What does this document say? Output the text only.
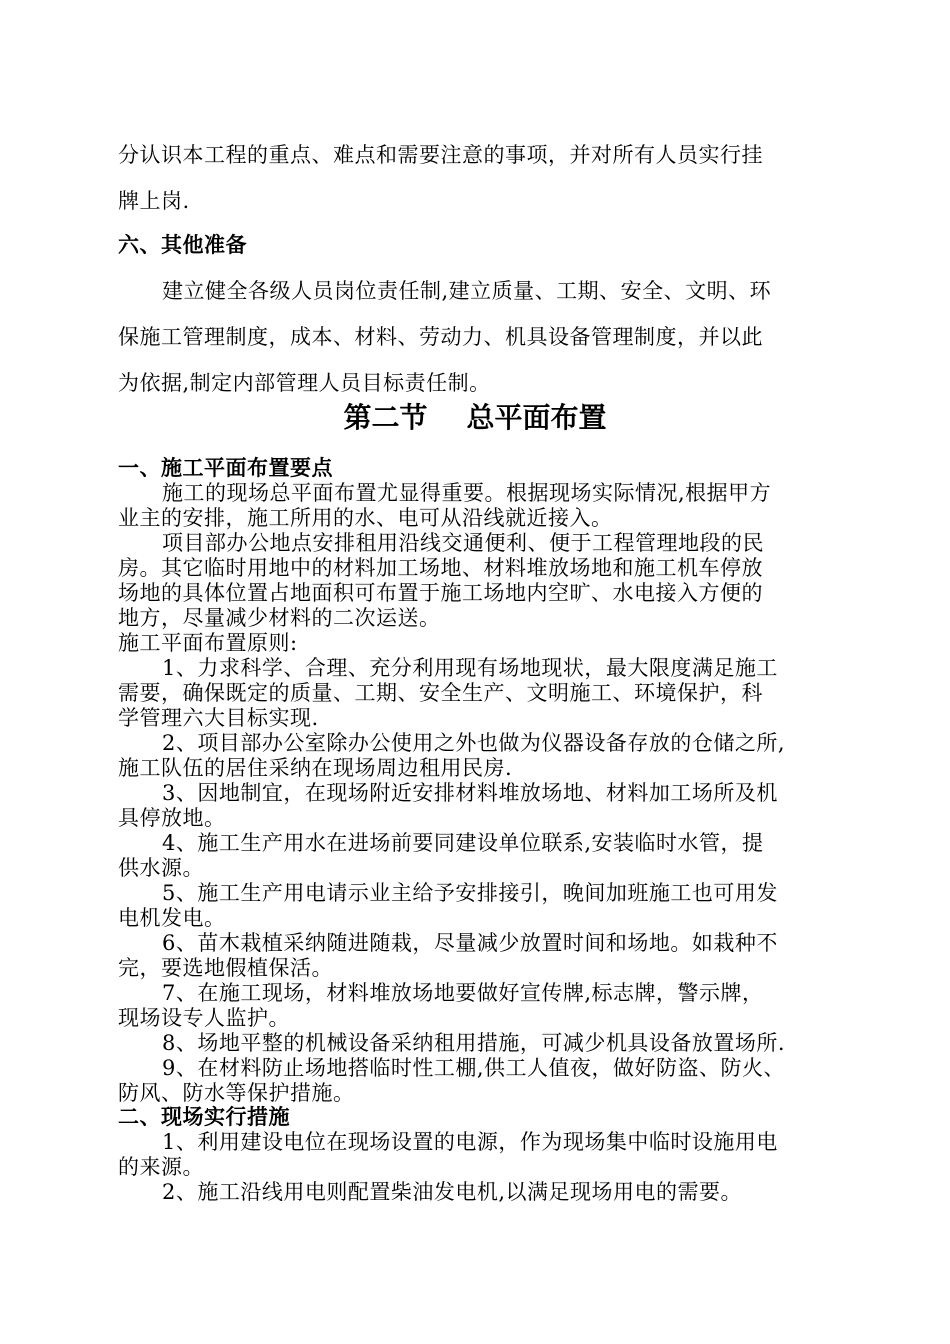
分认识本工程的重点、难点和需要注意的事项，并对所有人员实行挂

牌上岗.

六、其他准备

建立健全各级人员岗位责任制,建立质量、工期、安全、文明、环

保施工管理制度，成本、材料、劳动力、机具设备管理制度，并以此

为依据,制定内部管理人员目标责任制。

第二节    总平面布置

一、施工平面布置要点

施工的现场总平面布置尤显得重要。根据现场实际情况,根据甲方

业主的安排，施工所用的水、电可从沿线就近接入。

项目部办公地点安排租用沿线交通便利、便于工程管理地段的民

房。其它临时用地中的材料加工场地、材料堆放场地和施工机车停放

场地的具体位置占地面积可布置于施工场地内空旷、水电接入方便的

地方，尽量减少材料的二次运送。

施工平面布置原则:

1、力求科学、合理、充分利用现有场地现状，最大限度满足施工

需要，确保既定的质量、工期、安全生产、文明施工、环境保护，科

学管理六大目标实现.

2、项目部办公室除办公使用之外也做为仪器设备存放的仓储之所,

施工队伍的居住采纳在现场周边租用民房.

3、因地制宜，在现场附近安排材料堆放场地、材料加工场所及机

具停放地。

4、施工生产用水在进场前要同建设单位联系,安装临时水管，提

供水源。

5、施工生产用电请示业主给予安排接引，晚间加班施工也可用发

电机发电。

6、苗木栽植采纳随进随栽，尽量减少放置时间和场地。如栽种不

完，要选地假植保活。

7、在施工现场，材料堆放场地要做好宣传牌,标志牌，警示牌，

现场设专人监护。

8、场地平整的机械设备采纳租用措施，可减少机具设备放置场所.

9、在材料防止场地搭临时性工棚,供工人值夜，做好防盗、防火、

防风、防水等保护措施。

二、现场实行措施

1、利用建设电位在现场设置的电源，作为现场集中临时设施用电

的来源。

2、施工沿线用电则配置柴油发电机,以满足现场用电的需要。
